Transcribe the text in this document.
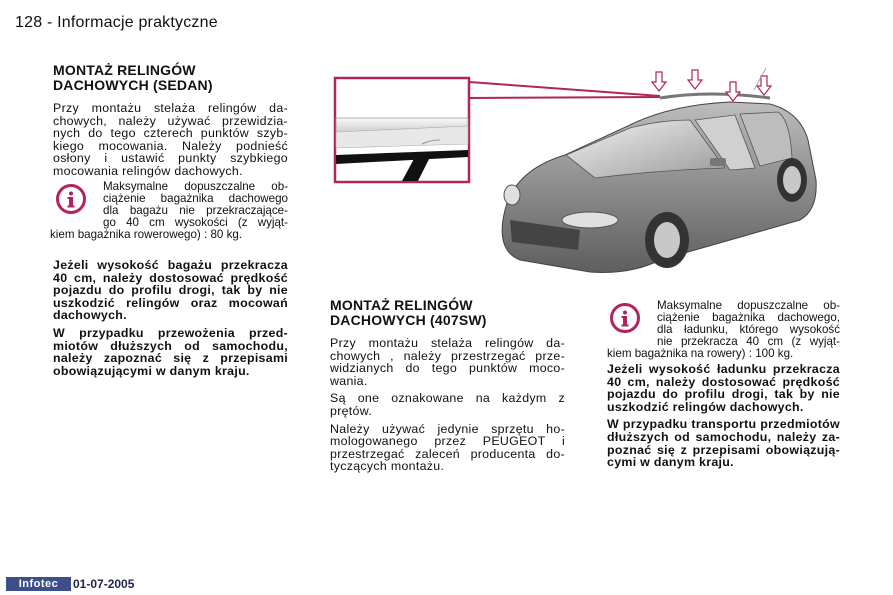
128 - Informacje praktyczne
MONTAŻ RELINGÓW
DACHOWYCH (SEDAN)
Przy montażu stelaża relingów da-
chowych, należy używać przewidzia-
nych do tego czterech punktów szyb-
kiego mocowania. Należy podnieść
osłony i ustawić punkty szybkiego
mocowania relingów dachowych.
Maksymalne dopuszczalne ob-
ciążenie bagażnika dachowego
dla bagażu nie przekraczające-
go 40 cm wysokości (z wyjąt-
kiem bagażnika rowerowego) : 80 kg.
Jeżeli wysokość bagażu przekracza
40 cm, należy dostosować prędkość
pojazdu do profilu drogi, tak by nie
uszkodzić relingów oraz mocowań
dachowych.
W przypadku przewożenia przed-
miotów dłuższych od samochodu,
należy zapoznać się z przepisami
obowiązującymi w danym kraju.
MONTAŻ RELINGÓW
DACHOWYCH (407SW)
Przy montażu stelaża relingów da-
chowych , należy przestrzegać prze-
widzianych do tego punktów moco-
wania.
Są one oznakowane na każdym z
prętów.
Należy używać jedynie sprzętu ho-
mologowanego przez PEUGEOT i
przestrzegać zaleceń producenta do-
tyczących montażu.
Maksymalne dopuszczalne ob-
ciążenie bagażnika dachowego,
dla ładunku, którego wysokość
nie przekracza 40 cm (z wyjąt-
kiem bagażnika na rowery) : 100 kg.
Jeżeli wysokość ładunku przekracza
40 cm, należy dostosować prędkość
pojazdu do profilu drogi, tak by nie
uszkodzić relingów dachowych.
W przypadku transportu przedmiotów
dłuższych od samochodu, należy za-
poznać się z przepisami obowiązują-
cymi w danym kraju.
Infotec	01-07-2005
